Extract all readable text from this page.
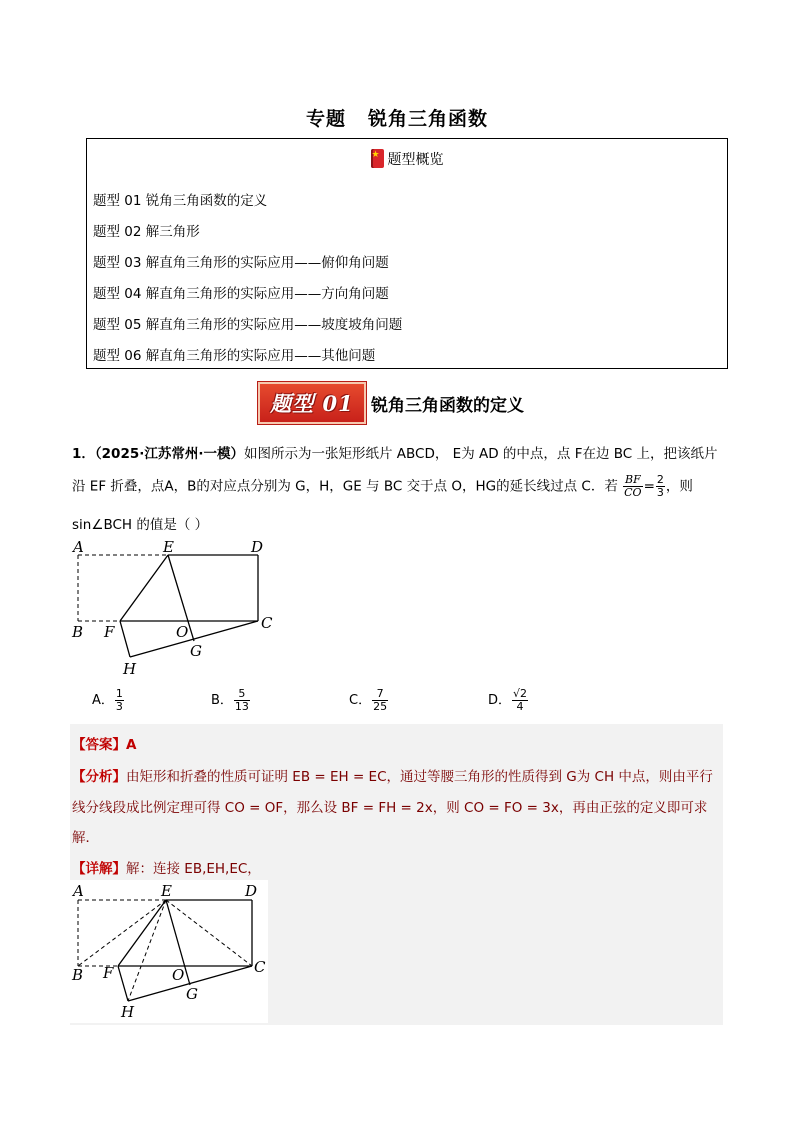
专题 锐角三角函数
★题型概览
题型 01 锐角三角函数的定义
题型 02 解三角形
题型 03 解直角三角形的实际应用——俯仰角问题
题型 04 解直角三角形的实际应用——方向角问题
题型 05 解直角三角形的实际应用——坡度坡角问题
题型 06 解直角三角形的实际应用——其他问题
题型 01 锐角三角函数的定义
1．（2025·江苏常州·一模）如图所示为一张矩形纸片 ABCD， E为 AD 的中点，点 F在边 BC 上，把该纸片
沿 EF 折叠，点A，B的对应点分别为 G，H，GE 与 BC 交于点 O，HG的延长线过点 C．若 $\frac{BF}{CO} = \frac{2}{3}$ ，则
sin∠BCH 的值是（ ）
A	E	D
B F	O	C
G
H
A． $\frac{1}{3}$	B． $\frac{5}{13}$	C． $\frac{7}{25}$	D． $\frac{√2}{4}$
【答案】A
【分析】由矩形和折叠的性质可证明 EB = EH = EC，通过等腰三角形的性质得到 G为 CH 中点，则由平行
线分线段成比例定理可得 CO = OF，那么设 BF = FH = 2x，则 CO = FO = 3x，再由正弦的定义即可求
解．
【详解】解：连接 EB,EH,EC，
A	E	D
B F	O	C
G
H
